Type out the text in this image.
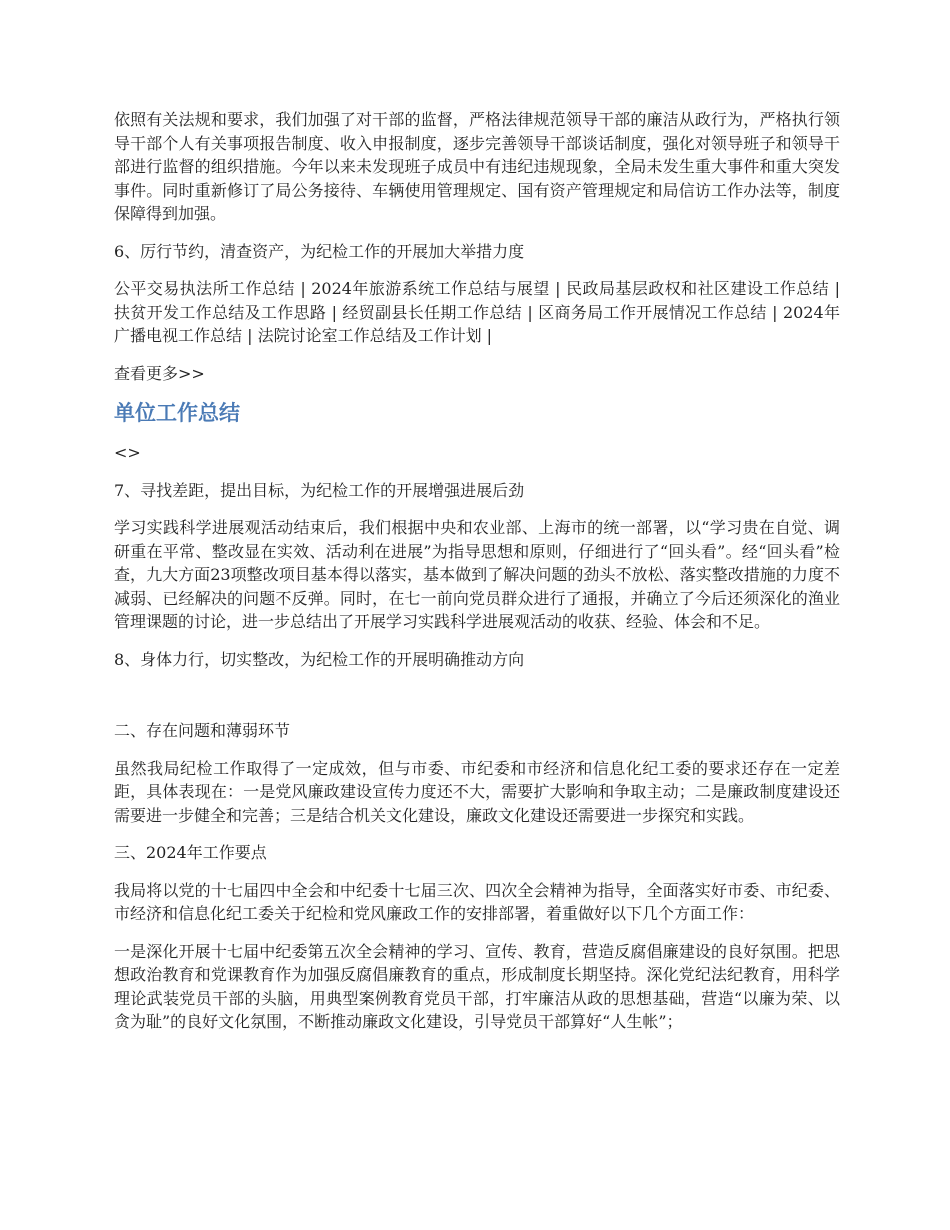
依照有关法规和要求，我们加强了对干部的监督，严格法律规范领导干部的廉洁从政行为，严格执行领导干部个人有关事项报告制度、收入申报制度，逐步完善领导干部谈话制度，强化对领导班子和领导干部进行监督的组织措施。今年以来未发现班子成员中有违纪违规现象，全局未发生重大事件和重大突发事件。同时重新修订了局公务接待、车辆使用管理规定、国有资产管理规定和局信访工作办法等，制度保障得到加强。

6、厉行节约，清查资产，为纪检工作的开展加大举措力度

公平交易执法所工作总结 | 2024年旅游系统工作总结与展望 | 民政局基层政权和社区建设工作总结 | 扶贫开发工作总结及工作思路 | 经贸副县长任期工作总结 | 区商务局工作开展情况工作总结 | 2024年广播电视工作总结 | 法院讨论室工作总结及工作计划 |

查看更多>>

单位工作总结

<>

7、寻找差距，提出目标，为纪检工作的开展增强进展后劲

学习实践科学进展观活动结束后，我们根据中央和农业部、上海市的统一部署，以“学习贵在自觉、调研重在平常、整改显在实效、活动利在进展”为指导思想和原则，仔细进行了“回头看”。经“回头看”检查，九大方面23项整改项目基本得以落实，基本做到了解决问题的劲头不放松、落实整改措施的力度不减弱、已经解决的问题不反弹。同时，在七一前向党员群众进行了通报，并确立了今后还须深化的渔业管理课题的讨论，进一步总结出了开展学习实践科学进展观活动的收获、经验、体会和不足。

8、身体力行，切实整改，为纪检工作的开展明确推动方向

二、存在问题和薄弱环节

虽然我局纪检工作取得了一定成效，但与市委、市纪委和市经济和信息化纪工委的要求还存在一定差距，具体表现在：一是党风廉政建设宣传力度还不大，需要扩大影响和争取主动；二是廉政制度建设还需要进一步健全和完善；三是结合机关文化建设，廉政文化建设还需要进一步探究和实践。

三、2024年工作要点

我局将以党的十七届四中全会和中纪委十七届三次、四次全会精神为指导，全面落实好市委、市纪委、市经济和信息化纪工委关于纪检和党风廉政工作的安排部署，着重做好以下几个方面工作：

一是深化开展十七届中纪委第五次全会精神的学习、宣传、教育，营造反腐倡廉建设的良好氛围。把思想政治教育和党课教育作为加强反腐倡廉教育的重点，形成制度长期坚持。深化党纪法纪教育，用科学理论武装党员干部的头脑，用典型案例教育党员干部，打牢廉洁从政的思想基础，营造“以廉为荣、以贪为耻”的良好文化氛围，不断推动廉政文化建设，引导党员干部算好“人生帐”；
